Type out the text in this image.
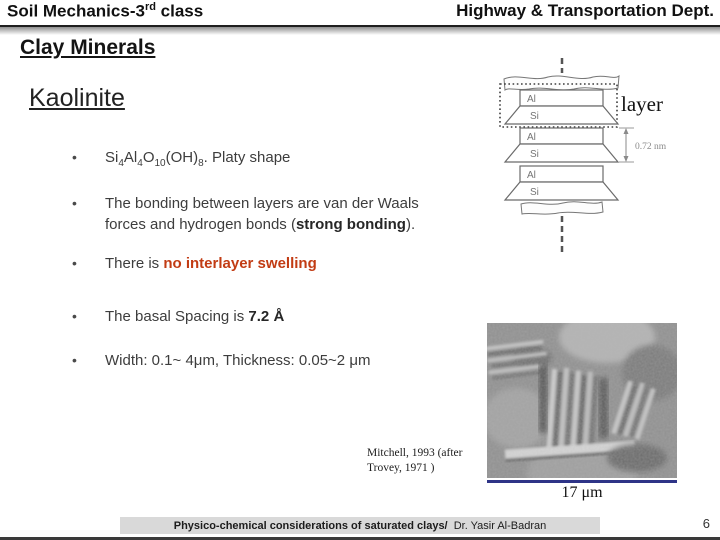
Soil Mechanics-$3_{rd}$ class	Highway & Transportation Dept.
Clay Minerals
Kaolinite
• $Si_4Al_4O_{10}(OH)_8$. Platy shape
• The bonding between layers are van der Waals forces and hydrogen bonds (strong bonding).
• There is no interlayer swelling
• The basal Spacing is 7.2 Å
• Width: 0.1~ 4μm, Thickness: 0.05~2 μm
Al
Si
Al
Si
Al
Si
0.72 nm
layer
Mitchell, 1993 (after
Trovey, 1971 )
17 μm
Physico-chemical considerations of saturated clays/ Dr. Yasir Al-Badran	6
